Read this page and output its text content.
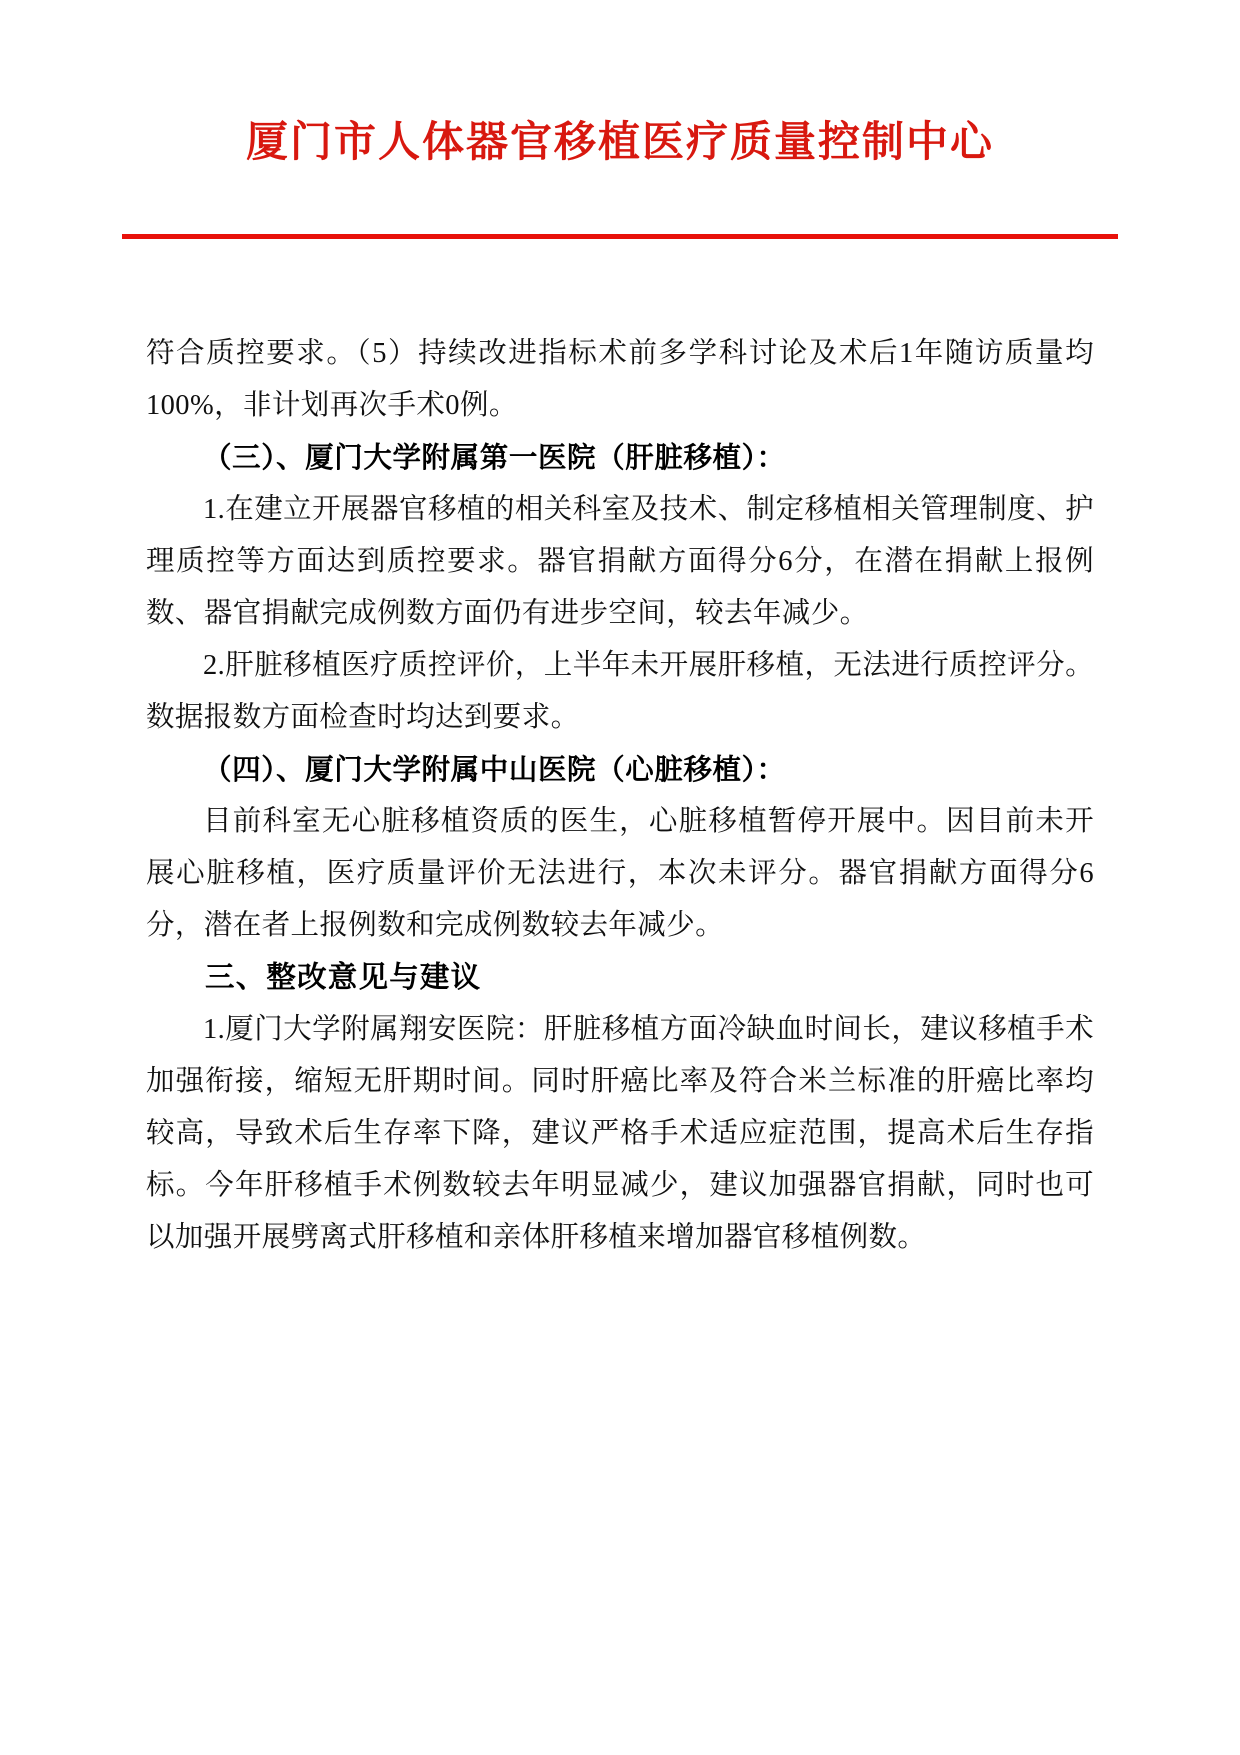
厦门市人体器官移植医疗质量控制中心

符合质控要求。（5）持续改进指标术前多学科讨论及术后1年随访质量均100%，非计划再次手术0例。

（三）、厦门大学附属第一医院（肝脏移植）：

1.在建立开展器官移植的相关科室及技术、制定移植相关管理制度、护理质控等方面达到质控要求。器官捐献方面得分6分，在潜在捐献上报例数、器官捐献完成例数方面仍有进步空间，较去年减少。

2.肝脏移植医疗质控评价，上半年未开展肝移植，无法进行质控评分。数据报数方面检查时均达到要求。

（四）、厦门大学附属中山医院（心脏移植）：

目前科室无心脏移植资质的医生，心脏移植暂停开展中。因目前未开展心脏移植，医疗质量评价无法进行，本次未评分。器官捐献方面得分6分，潜在者上报例数和完成例数较去年减少。

三、整改意见与建议

1.厦门大学附属翔安医院：肝脏移植方面冷缺血时间长，建议移植手术加强衔接，缩短无肝期时间。同时肝癌比率及符合米兰标准的肝癌比率均较高，导致术后生存率下降，建议严格手术适应症范围，提高术后生存指标。今年肝移植手术例数较去年明显减少，建议加强器官捐献，同时也可以加强开展劈离式肝移植和亲体肝移植来增加器官移植例数。
